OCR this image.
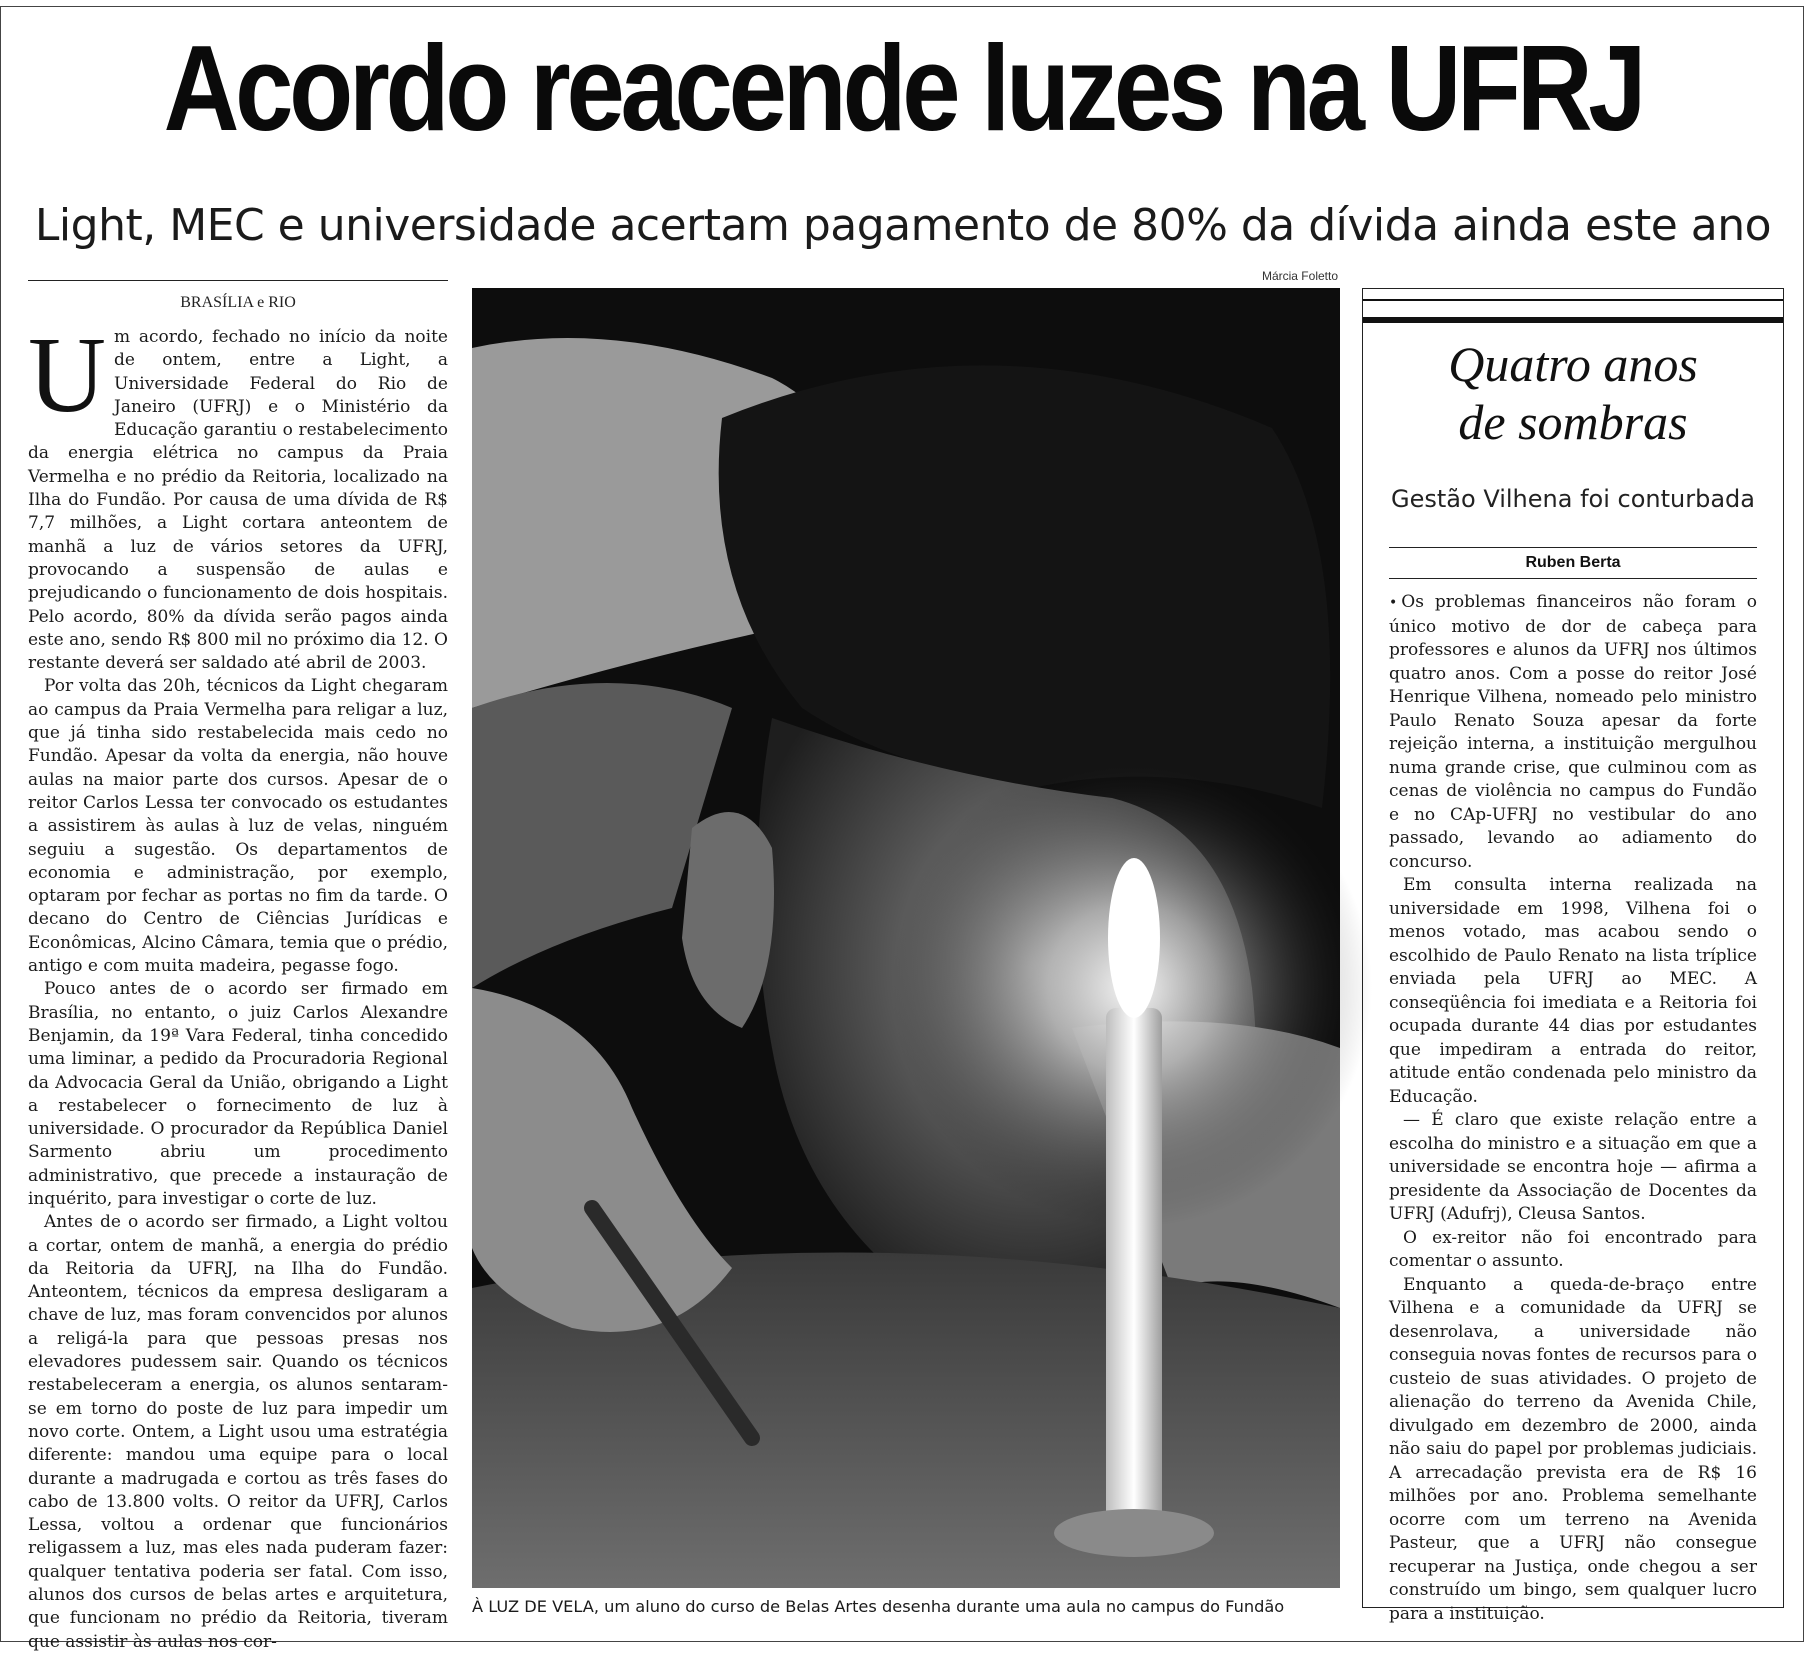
Acordo reacende luzes na UFRJ
Light, MEC e universidade acertam pagamento de 80% da dívida ainda este ano
BRASÍLIA e RIO
U m acordo, fechado no início da noite de ontem, entre a Light, a Universidade Federal do Rio de Janeiro (UFRJ) e o Ministério da Educação garantiu o restabelecimento da energia elétrica no campus da Praia Vermelha e no prédio da Reitoria, localizado na Ilha do Fundão. Por causa de uma dívida de R$ 7,7 milhões, a Light cortara anteontem de manhã a luz de vários setores da UFRJ, provocando a suspensão de aulas e prejudicando o funcionamento de dois hospitais. Pelo acordo, 80% da dívida serão pagos ainda este ano, sendo R$ 800 mil no próximo dia 12. O restante deverá ser saldado até abril de 2003.

Por volta das 20h, técnicos da Light chegaram ao campus da Praia Vermelha para religar a luz, que já tinha sido restabelecida mais cedo no Fundão. Apesar da volta da energia, não houve aulas na maior parte dos cursos. Apesar de o reitor Carlos Lessa ter convocado os estudantes a assistirem às aulas à luz de velas, ninguém seguiu a sugestão. Os departamentos de economia e administração, por exemplo, optaram por fechar as portas no fim da tarde. O decano do Centro de Ciências Jurídicas e Econômicas, Alcino Câmara, temia que o prédio, antigo e com muita madeira, pegasse fogo.

Pouco antes de o acordo ser firmado em Brasília, no entanto, o juiz Carlos Alexandre Benjamin, da 19ª Vara Federal, tinha concedido uma liminar, a pedido da Procuradoria Regional da Advocacia Geral da União, obrigando a Light a restabelecer o fornecimento de luz à universidade. O procurador da República Daniel Sarmento abriu um procedimento administrativo, que precede a instauração de inquérito, para investigar o corte de luz.

Antes de o acordo ser firmado, a Light voltou a cortar, ontem de manhã, a energia do prédio da Reitoria da UFRJ, na Ilha do Fundão. Anteontem, técnicos da empresa desligaram a chave de luz, mas foram convencidos por alunos a religá-la para que pessoas presas nos elevadores pudessem sair. Quando os técnicos restabeleceram a energia, os alunos sentaram-se em torno do poste de luz para impedir um novo corte. Ontem, a Light usou uma estratégia diferente: mandou uma equipe para o local durante a madrugada e cortou as três fases do cabo de 13.800 volts. O reitor da UFRJ, Carlos Lessa, voltou a ordenar que funcionários religassem a luz, mas eles nada puderam fazer: qualquer tentativa poderia ser fatal. Com isso, alunos dos cursos de belas artes e arquitetura, que funcionam no prédio da Reitoria, tiveram que assistir às aulas nos cor-

Márcia Foletto
À LUZ DE VELA, um aluno do curso de Belas Artes desenha durante uma aula no campus do Fundão
Quatro anos
de sombras
Gestão Vilhena foi conturbada
Ruben Berta

• Os problemas financeiros não foram o único motivo de dor de cabeça para professores e alunos da UFRJ nos últimos quatro anos. Com a posse do reitor José Henrique Vilhena, nomeado pelo ministro Paulo Renato Souza apesar da forte rejeição interna, a instituição mergulhou numa grande crise, que culminou com as cenas de violência no campus do Fundão e no CAp-UFRJ no vestibular do ano passado, levando ao adiamento do concurso.

Em consulta interna realizada na universidade em 1998, Vilhena foi o menos votado, mas acabou sendo o escolhido de Paulo Renato na lista tríplice enviada pela UFRJ ao MEC. A conseqüência foi imediata e a Reitoria foi ocupada durante 44 dias por estudantes que impediram a entrada do reitor, atitude então condenada pelo ministro da Educação.

— É claro que existe relação entre a escolha do ministro e a situação em que a universidade se encontra hoje — afirma a presidente da Associação de Docentes da UFRJ (Adufrj), Cleusa Santos.

O ex-reitor não foi encontrado para comentar o assunto.

Enquanto a queda-de-braço entre Vilhena e a comunidade da UFRJ se desenrolava, a universidade não conseguia novas fontes de recursos para o custeio de suas atividades. O projeto de alienação do terreno da Avenida Chile, divulgado em dezembro de 2000, ainda não saiu do papel por problemas judiciais. A arrecadação prevista era de R$ 16 milhões por ano. Problema semelhante ocorre com um terreno na Avenida Pasteur, que a UFRJ não consegue recuperar na Justiça, onde chegou a ser construído um bingo, sem qualquer lucro para a instituição.
